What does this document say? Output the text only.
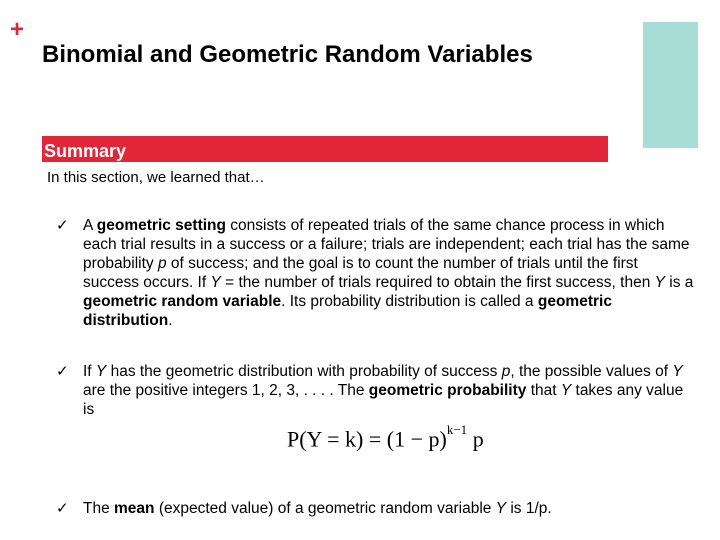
+
Binomial and Geometric Random Variables
Summary
In this section, we learned that…
✓ A geometric setting consists of repeated trials of the same chance process in which each trial results in a success or a failure; trials are independent; each trial has the same probability p of success; and the goal is to count the number of trials until the first success occurs. If Y = the number of trials required to obtain the first success, then Y is a geometric random variable. Its probability distribution is called a geometric distribution.
✓ If Y has the geometric distribution with probability of success p, the possible values of Y are the positive integers 1, 2, 3, . . . . The geometric probability that Y takes any value is
$P(Y = k) = (1 - p)^{k-1}$ p
✓ The mean (expected value) of a geometric random variable Y is 1/p.
